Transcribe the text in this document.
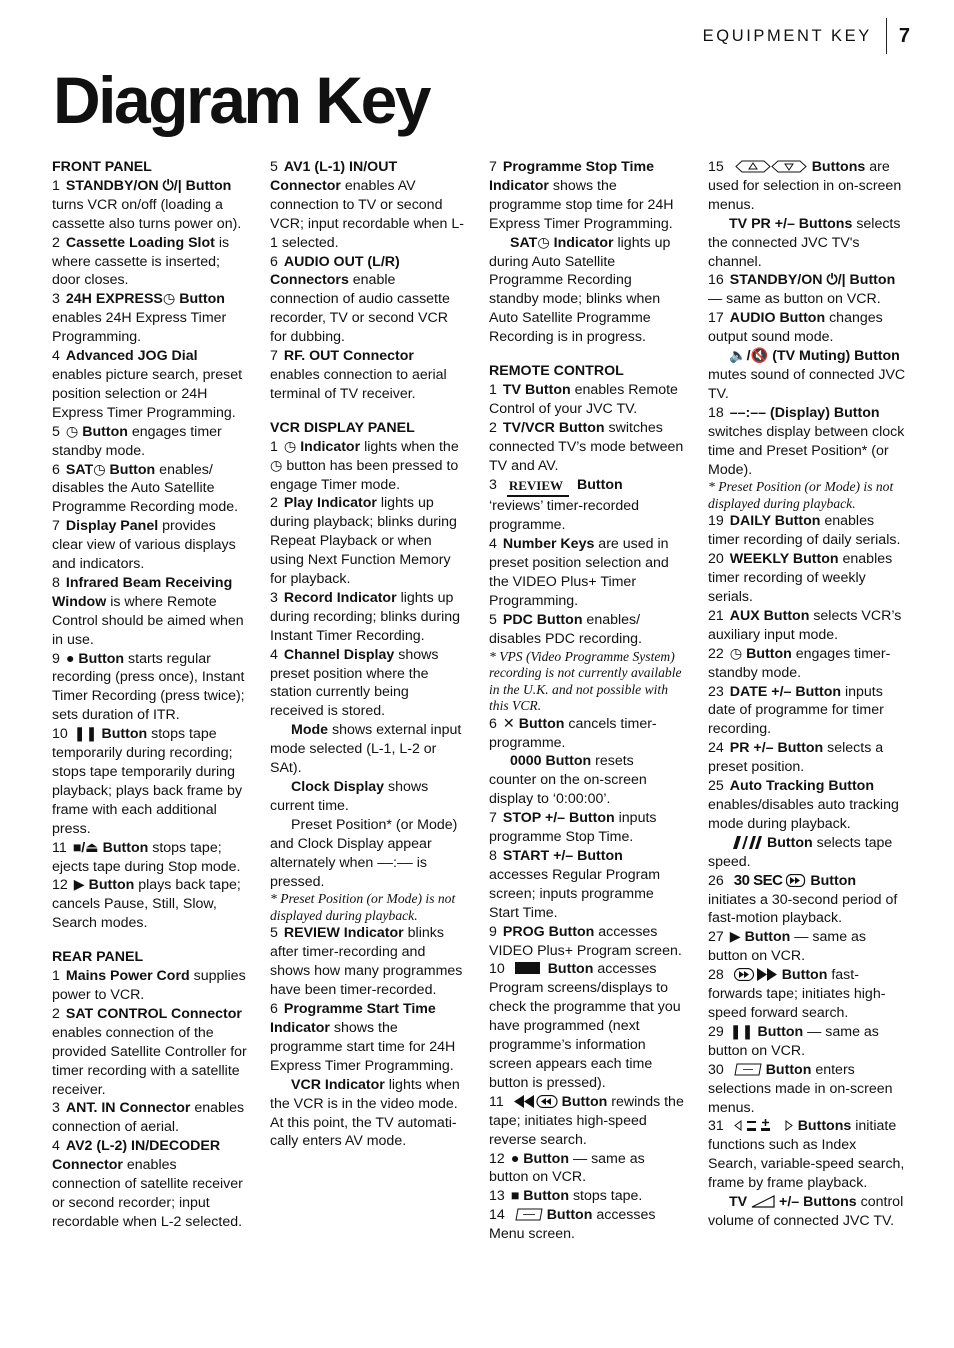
EQUIPMENT KEY	7
Diagram Key

FRONT PANEL

1 STANDBY/ON ⏻/| Button turns VCR on/off (loading a cassette also turns power on).

2 Cassette Loading Slot is where cassette is inserted; door closes.

3 24H EXPRESS◷ Button enables 24H Express Timer Programming.

4 Advanced JOG Dial enables picture search, preset position selection or 24H Express Timer Programming.

5 ◷ Button engages timer standby mode.

6 SAT◷ Button enables/ disables the Auto Satellite Programme Recording mode.

7 Display Panel provides clear view of various displays and indicators.

8 Infrared Beam Receiving Window is where Remote Control should be aimed when in use.

9 ● Button starts regular recording (press once), Instant Timer Recording (press twice); sets duration of ITR.

10 ❚❚ Button stops tape temporarily during recording; stops tape temporarily during playback; plays back frame by frame with each additional press.

11 ■/⏏ Button stops tape; ejects tape during Stop mode.

12 ▶ Button plays back tape; cancels Pause, Still, Slow, Search modes.

REAR PANEL

1 Mains Power Cord supplies power to VCR.

2 SAT CONTROL Connector enables connection of the provided Satellite Controller for timer recording with a satellite receiver.

3 ANT. IN Connector enables connection of aerial.

4 AV2 (L-2) IN/DECODER Connector enables connection of satellite receiver or second recorder; input recordable when L-2 selected.

5 AV1 (L-1) IN/OUT Connector enables AV connection to TV or second VCR; input recordable when L-1 selected.

6 AUDIO OUT (L/R) Connectors enable connection of audio cassette recorder, TV or second VCR for dubbing.

7 RF. OUT Connector enables connection to aerial terminal of TV receiver.

VCR DISPLAY PANEL

1 ◷ Indicator lights when the ◷ button has been pressed to engage Timer mode.

2 Play Indicator lights up during playback; blinks during Repeat Playback or when using Next Function Memory for playback.

3 Record Indicator lights up during recording; blinks during Instant Timer Recording.

4 Channel Display shows preset position where the station currently being received is stored.

Mode shows external input mode selected (L-1, L-2 or SAt).

Clock Display shows current time.

Preset Position* (or Mode) and Clock Display appear alternately when ––:–– is pressed.

* Preset Position (or Mode) is not displayed during playback.

5 REVIEW Indicator blinks after timer-recording and shows how many programmes have been timer-recorded.

6 Programme Start Time Indicator shows the programme start time for 24H Express Timer Programming.

VCR Indicator lights when the VCR is in the video mode. At this point, the TV automati- cally enters AV mode.

7 Programme Stop Time Indicator shows the programme stop time for 24H Express Timer Programming.

SAT◷ Indicator lights up during Auto Satellite Programme Recording standby mode; blinks when Auto Satellite Programme Recording is in progress.

REMOTE CONTROL

1 TV Button enables Remote Control of your JVC TV.

2 TV/VCR Button switches connected TV’s mode between TV and AV.

3 REVIEW Button
‘reviews’ timer-recorded programme.

4 Number Keys are used in preset position selection and the VIDEO Plus+ Timer Programming.

5 PDC Button enables/ disables PDC recording.

* VPS (Video Programme System) recording is not currently available in the U.K. and not possible with this VCR.

6 ✕ Button cancels timer-programme.

0000 Button resets counter on the on-screen display to ‘0:00:00’.

7 STOP +/– Button inputs programme Stop Time.

8 START +/– Button accesses Regular Program screen; inputs programme Start Time.

9 PROG Button accesses VIDEO Plus+ Program screen.

10	Button accesses Program screens/displays to check the programme that you have programmed (next programme’s information screen appears each time button is pressed).

11	Button rewinds the tape; initiates high-speed reverse search.

12 ● Button — same as button on VCR.

13 ■ Button stops tape.

14	Button accesses Menu screen.

15	Buttons are used for selection in on-screen menus.

TV PR +/– Buttons selects the connected JVC TV's channel.

16 STANDBY/ON ⏻/| Button — same as button on VCR.

17 AUDIO Button changes output sound mode.

🔈/🔇 (TV Muting) Button mutes sound of connected JVC TV.

18 ––:–– (Display) Button switches display between clock time and Preset Position* (or Mode).

* Preset Position (or Mode) is not displayed during playback.

19 DAILY Button enables timer recording of daily serials.

20 WEEKLY Button enables timer recording of weekly serials.

21 AUX Button selects VCR’s auxiliary input mode.

22 ◷ Button engages timer-standby mode.

23 DATE +/– Button inputs date of programme for timer recording.

24 PR +/– Button selects a preset position.

25 Auto Tracking Button enables/disables auto tracking mode during playback.

Button selects tape speed.

26 30 SEC Button initiates a 30-second period of fast-motion playback.

27 ▶ Button — same as button on VCR.

28	Button fast-forwards tape; initiates high-speed forward search.

29 ❚❚ Button — same as button on VCR.

30	Button enters selections made in on-screen menus.

31	Buttons initiate functions such as Index Search, variable-speed search, frame by frame playback.

TV +/– Buttons control volume of connected JVC TV.
